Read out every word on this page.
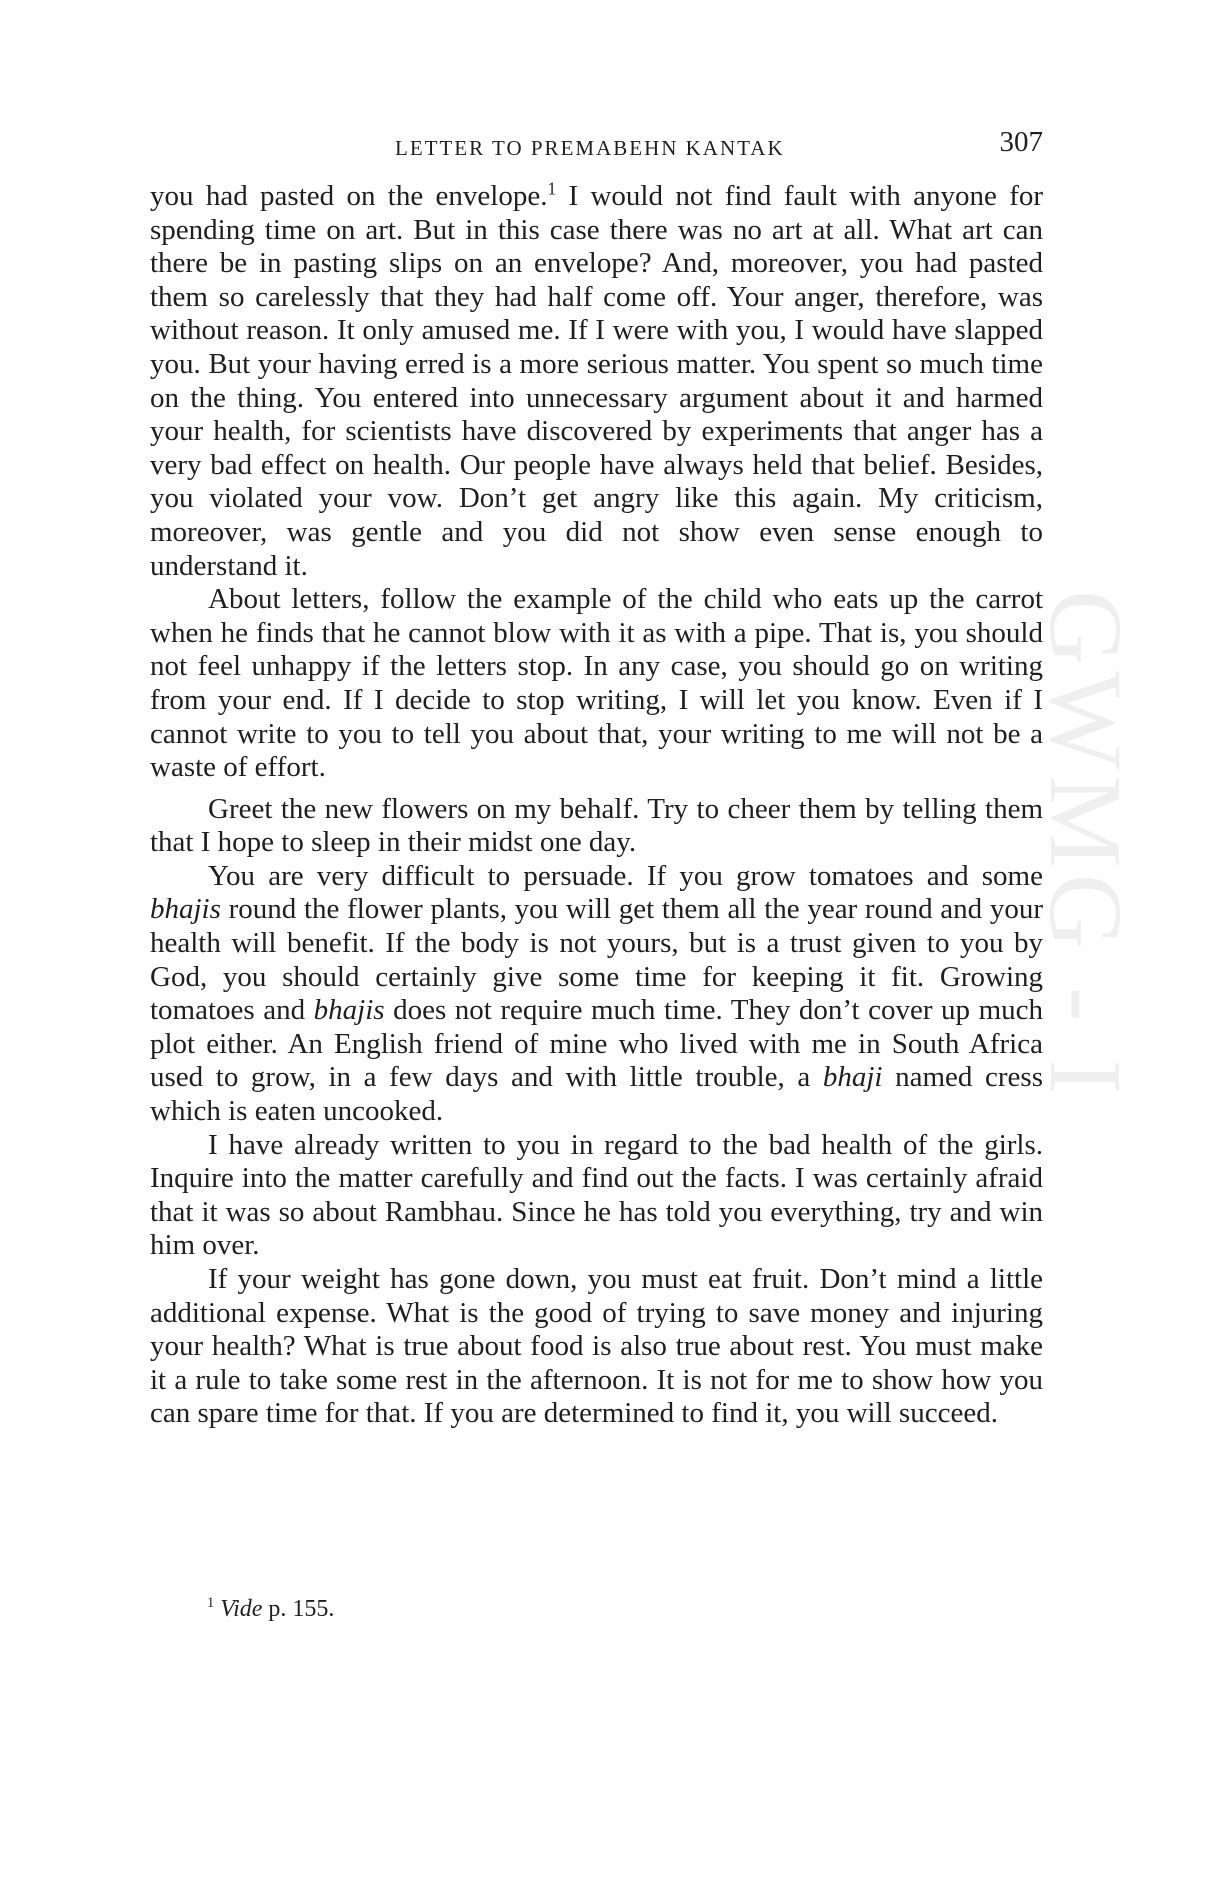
GWMG - I
LETTER TO PREMABEHN KANTAK	307

you had pasted on the envelope.$^1$ I would not find fault with anyone for spending time on art. But in this case there was no art at all. What art can there be in pasting slips on an envelope? And, moreover, you had pasted them so carelessly that they had half come off. Your anger, therefore, was without reason. It only amused me. If I were with you, I would have slapped you. But your having erred is a more serious matter. You spent so much time on the thing. You entered into unnecessary argument about it and harmed your health, for scientists have discovered by experiments that anger has a very bad effect on health. Our people have always held that belief. Besides, you violated your vow. Don’t get angry like this again. My criticism, moreover, was gentle and you did not show even sense enough to understand it.

About letters, follow the example of the child who eats up the carrot when he finds that he cannot blow with it as with a pipe. That is, you should not feel unhappy if the letters stop. In any case, you should go on writing from your end. If I decide to stop writing, I will let you know. Even if I cannot write to you to tell you about that, your writing to me will not be a waste of effort.

Greet the new flowers on my behalf. Try to cheer them by telling them that I hope to sleep in their midst one day.

You are very difficult to persuade. If you grow tomatoes and some bhajis round the flower plants, you will get them all the year round and your health will benefit. If the body is not yours, but is a trust given to you by God, you should certainly give some time for keeping it fit. Growing tomatoes and bhajis does not require much time. They don’t cover up much plot either. An English friend of mine who lived with me in South Africa used to grow, in a few days and with little trouble, a bhaji named cress which is eaten uncooked.

I have already written to you in regard to the bad health of the girls. Inquire into the matter carefully and find out the facts. I was certainly afraid that it was so about Rambhau. Since he has told you everything, try and win him over.

If your weight has gone down, you must eat fruit. Don’t mind a little additional expense. What is the good of trying to save money and injuring your health? What is true about food is also true about rest. You must make it a rule to take some rest in the afternoon. It is not for me to show how you can spare time for that. If you are determined to find it, you will succeed.

$^1$ Vide p. 155.
